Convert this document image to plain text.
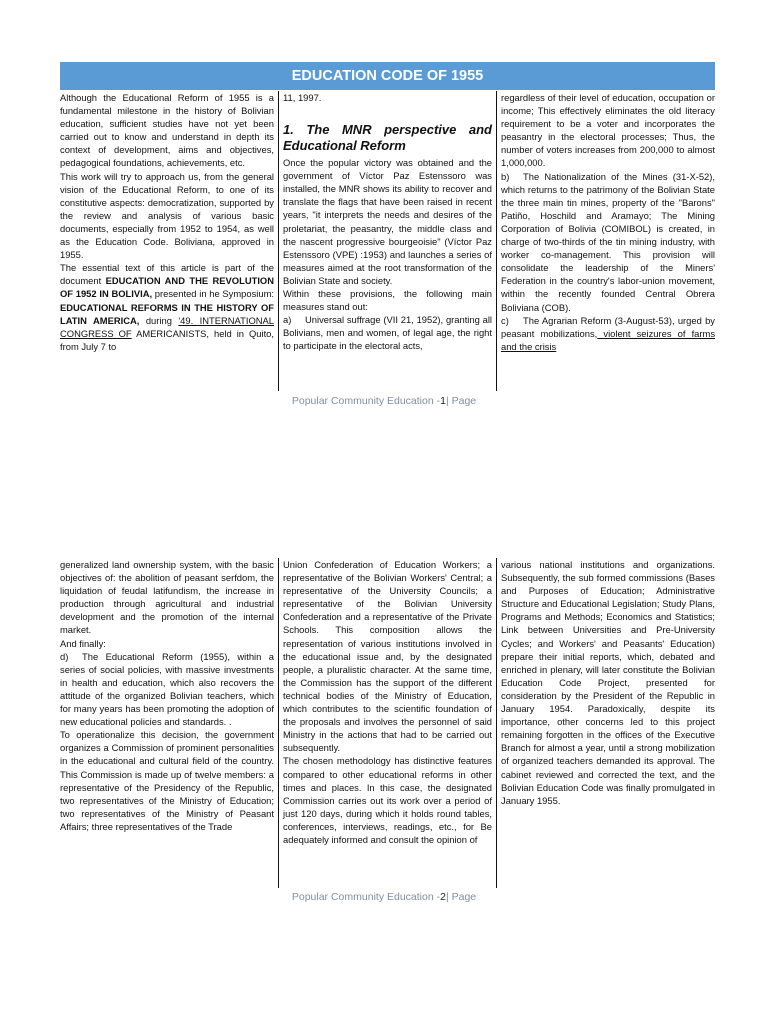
EDUCATION CODE OF 1955

Although the Educational Reform of 1955 is a fundamental milestone in the history of Bolivian education, sufficient studies have not yet been carried out to know and understand in depth its context of development, aims and objectives, pedagogical foundations, achievements, etc.

This work will try to approach us, from the general vision of the Educational Reform, to one of its constitutive aspects: democratization, supported by the review and analysis of various basic documents, especially from 1952 to 1954, as well as the Education Code. Boliviana, approved in 1955.

The essential text of this article is part of the document EDUCATION AND THE REVOLUTION OF 1952 IN BOLIVIA, presented in he Symposium: EDUCATIONAL REFORMS IN THE HISTORY OF LATIN AMERICA, during '49. INTERNATIONAL CONGRESS OF AMERICANISTS, held in Quito, from July 7 to

11, 1997.

1. The MNR perspective and Educational Reform

Once the popular victory was obtained and the government of Víctor Paz Estenssoro was installed, the MNR shows its ability to recover and translate the flags that have been raised in recent years, "it interprets the needs and desires of the proletariat, the peasantry, the middle class and the nascent progressive bourgeoisie" (Víctor Paz Estenssoro (VPE) :1953) and launches a series of measures aimed at the root transformation of the Bolivian State and society.

Within these provisions, the following main measures stand out:

a) Universal suffrage (VII 21, 1952), granting all Bolivians, men and women, of legal age, the right to participate in the electoral acts,

regardless of their level of education, occupation or income; This effectively eliminates the old literacy requirement to be a voter and incorporates the peasantry in the electoral processes; Thus, the number of voters increases from 200,000 to almost 1,000,000.

b) The Nationalization of the Mines (31-X-52), which returns to the patrimony of the Bolivian State the three main tin mines, property of the "Barons" Patiño, Hoschild and Aramayo; The Mining Corporation of Bolivia (COMIBOL) is created, in charge of two-thirds of the tin mining industry, with worker co-management. This provision will consolidate the leadership of the Miners' Federation in the country's labor-union movement, within the recently founded Central Obrera Boliviana (COB).

c) The Agrarian Reform (3-August-53), urged by peasant mobilizations, violent seizures of farms and the crisis

Popular Community Education -1| Page

generalized land ownership system, with the basic objectives of: the abolition of peasant serfdom, the liquidation of feudal latifundism, the increase in production through agricultural and industrial development and the promotion of the internal market.

And finally:

d) The Educational Reform (1955), within a series of social policies, with massive investments in health and education, which also recovers the attitude of the organized Bolivian teachers, which for many years has been promoting the adoption of new educational policies and standards. .

To operationalize this decision, the government organizes a Commission of prominent personalities in the educational and cultural field of the country. This Commission is made up of twelve members: a representative of the Presidency of the Republic, two representatives of the Ministry of Education; two representatives of the Ministry of Peasant Affairs; three representatives of the Trade

Union Confederation of Education Workers; a representative of the Bolivian Workers' Central; a representative of the University Councils; a representative of the Bolivian University Confederation and a representative of the Private Schools. This composition allows the representation of various institutions involved in the educational issue and, by the designated people, a pluralistic character. At the same time, the Commission has the support of the different technical bodies of the Ministry of Education, which contributes to the scientific foundation of the proposals and involves the personnel of said Ministry in the actions that had to be carried out subsequently.

The chosen methodology has distinctive features compared to other educational reforms in other times and places. In this case, the designated Commission carries out its work over a period of just 120 days, during which it holds round tables, conferences, interviews, readings, etc., for Be adequately informed and consult the opinion of

various national institutions and organizations. Subsequently, the sub formed commissions (Bases and Purposes of Education; Administrative Structure and Educational Legislation; Study Plans, Programs and Methods; Economics and Statistics; Link between Universities and Pre-University Cycles; and Workers' and Peasants' Education) prepare their initial reports, which, debated and enriched in plenary, will later constitute the Bolivian Education Code Project, presented for consideration by the President of the Republic in January 1954. Paradoxically, despite its importance, other concerns led to this project remaining forgotten in the offices of the Executive Branch for almost a year, until a strong mobilization of organized teachers demanded its approval. The cabinet reviewed and corrected the text, and the Bolivian Education Code was finally promulgated in January 1955.

Popular Community Education -2| Page
